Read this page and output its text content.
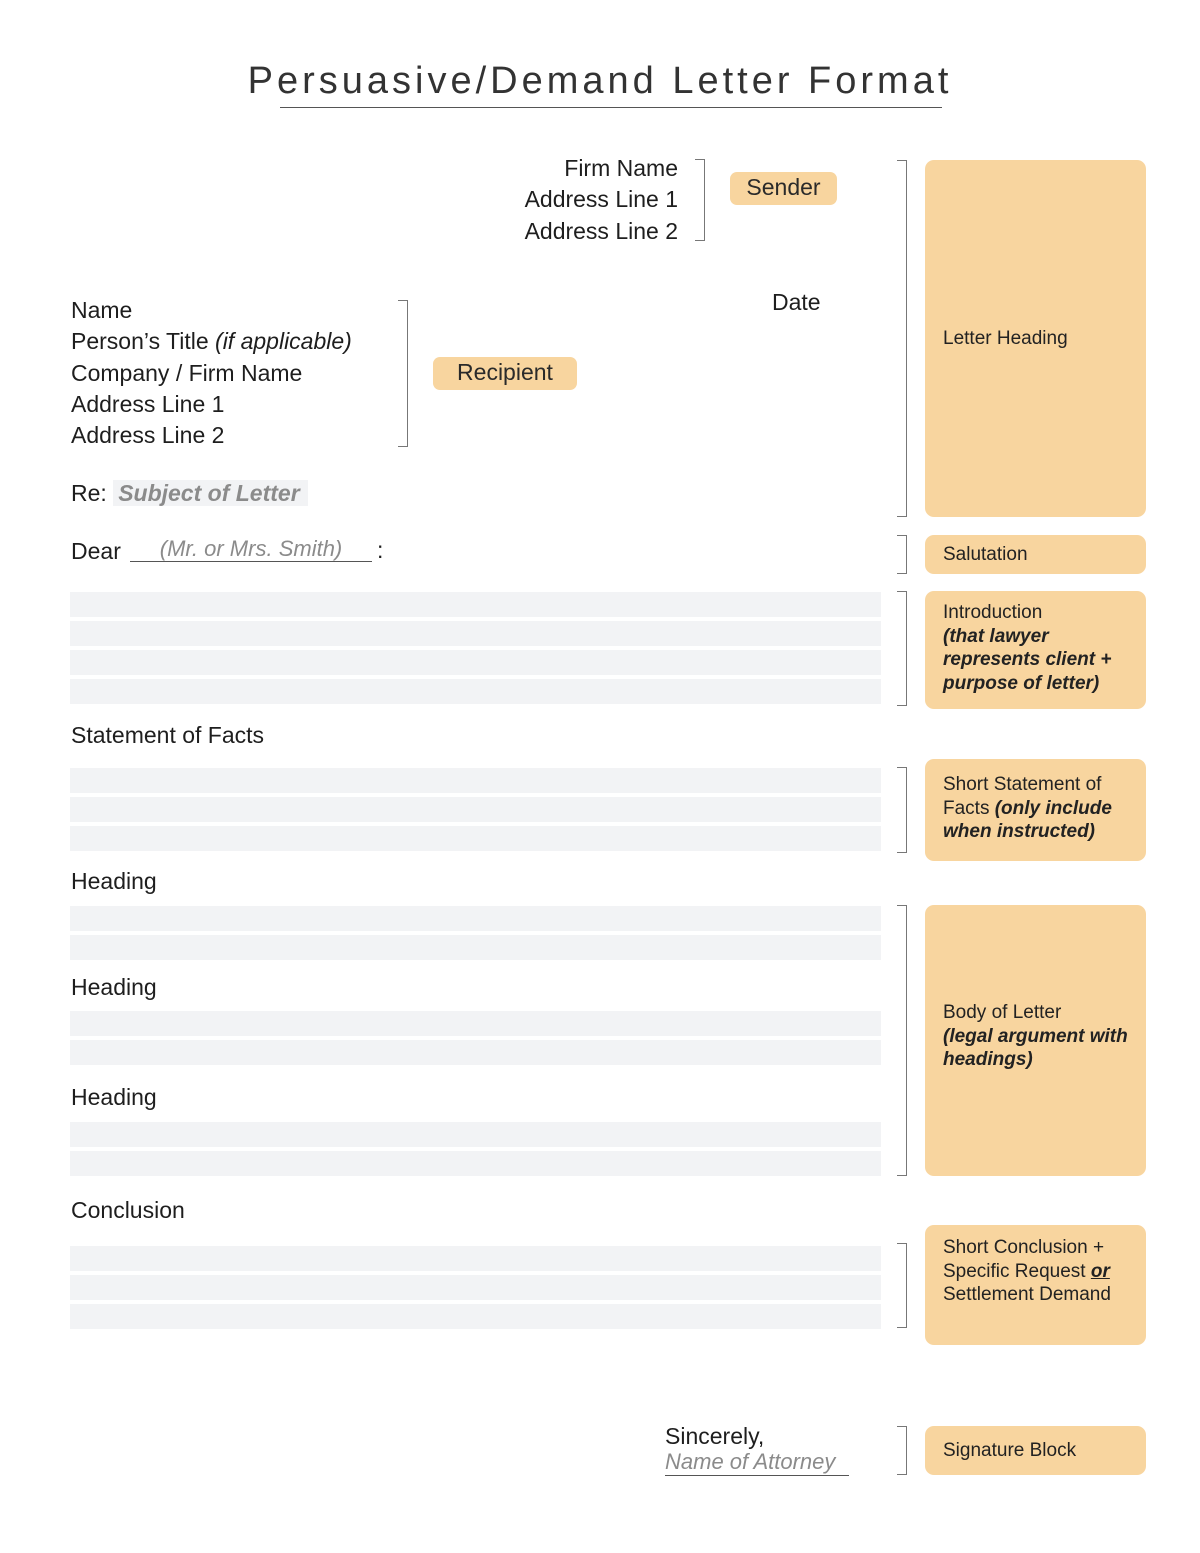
Persuasive/Demand Letter Format
Firm Name
Address Line 1
Address Line 2
Sender
Date
Name
Person’s Title (if applicable)
Company / Firm Name
Address Line 1
Address Line 2
Recipient
Re: Subject of Letter
Dear	(Mr. or Mrs. Smith)	:
Statement of Facts
Heading
Heading
Heading
Conclusion
Sincerely,
Name of Attorney
Letter Heading
Salutation
Introduction
(that lawyer represents client + purpose of letter)
Short Statement of Facts (only include when instructed)
Body of Letter
(legal argument with headings)
Short Conclusion + Specific Request or Settlement Demand
Signature Block
